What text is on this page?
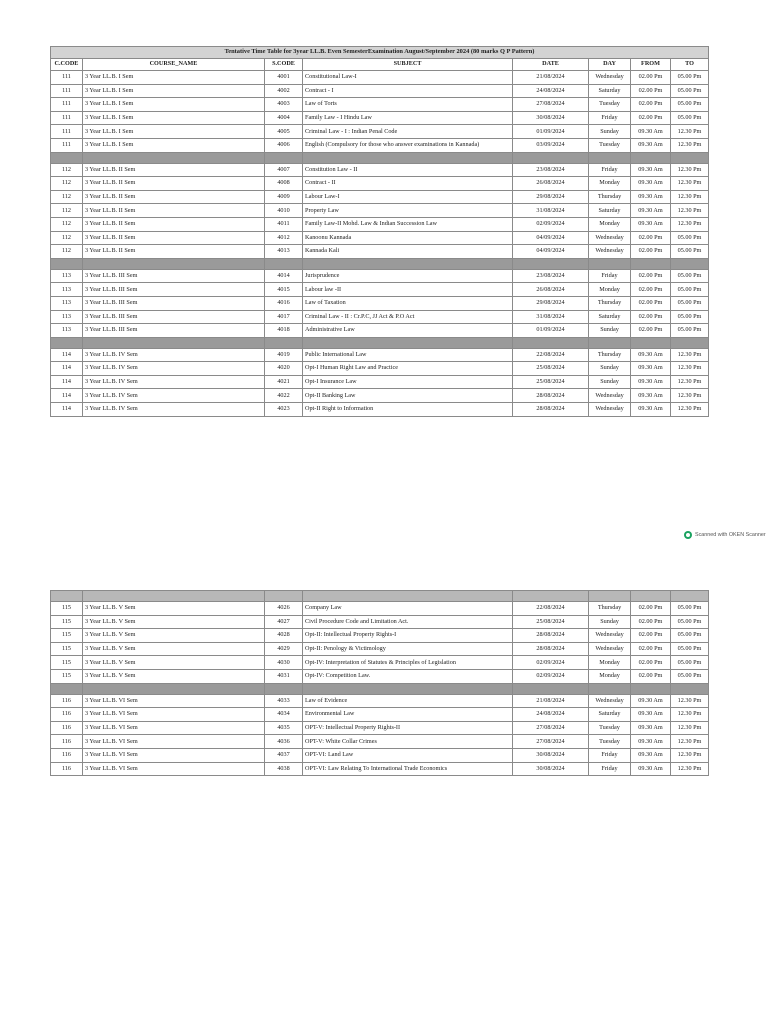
Tentative Time Table for 3year LL.B. Even SemesterExamination August/September 2024 (80 marks Q P Pattern)							
C.CODE	COURSE_NAME	S.CODE	SUBJECT	DATE	DAY	FROM	TO
111	3 Year LL.B. I Sem	4001	Constitutional Law-I	21/08/2024	Wednesday	02.00 Pm	05.00 Pm
111	3 Year LL.B. I Sem	4002	Contract - I	24/08/2024	Saturday	02.00 Pm	05.00 Pm
111	3 Year LL.B. I Sem	4003	Law of Torts	27/08/2024	Tuesday	02.00 Pm	05.00 Pm
111	3 Year LL.B. I Sem	4004	Family Law - I Hindu Law	30/08/2024	Friday	02.00 Pm	05.00 Pm
111	3 Year LL.B. I Sem	4005	Criminal Law - I : Indian Penal Code	01/09/2024	Sunday	09.30 Am	12.30 Pm
111	3 Year LL.B. I Sem	4006	English (Compulsory for those who answer examinations in Kannada)	03/09/2024	Tuesday	09.30 Am	12.30 Pm

112	3 Year LL.B. II Sem	4007	Constitution Law - II	23/08/2024	Friday	09.30 Am	12.30 Pm
112	3 Year LL.B. II Sem	4008	Contract - II	26/08/2024	Monday	09.30 Am	12.30 Pm
112	3 Year LL.B. II Sem	4009	Labour Law-I	29/08/2024	Thursday	09.30 Am	12.30 Pm
112	3 Year LL.B. II Sem	4010	Property Law	31/08/2024	Saturday	09.30 Am	12.30 Pm
112	3 Year LL.B. II Sem	4011	Family Law-II Mohd. Law & Indian Succession Law	02/09/2024	Monday	09.30 Am	12.30 Pm
112	3 Year LL.B. II Sem	4012	Kanoonu Kannada	04/09/2024	Wednesday	02.00 Pm	05.00 Pm
112	3 Year LL.B. II Sem	4013	Kannada Kali	04/09/2024	Wednesday	02.00 Pm	05.00 Pm

113	3 Year LL.B. III Sem	4014	Jurisprudence	23/08/2024	Friday	02.00 Pm	05.00 Pm
113	3 Year LL.B. III Sem	4015	Labour law -II	26/08/2024	Monday	02.00 Pm	05.00 Pm
113	3 Year LL.B. III Sem	4016	Law of Taxation	29/08/2024	Thursday	02.00 Pm	05.00 Pm
113	3 Year LL.B. III Sem	4017	Criminal Law - II : Cr.P.C, JJ Act & P.O Act	31/08/2024	Saturday	02.00 Pm	05.00 Pm
113	3 Year LL.B. III Sem	4018	Administrative Law	01/09/2024	Sunday	02.00 Pm	05.00 Pm

114	3 Year LL.B. IV Sem	4019	Public International Law	22/08/2024	Thursday	09.30 Am	12.30 Pm
114	3 Year LL.B. IV Sem	4020	Opt-I Human Right Law and Practice	25/08/2024	Sunday	09.30 Am	12.30 Pm
114	3 Year LL.B. IV Sem	4021	Opt-I Insurance Law	25/08/2024	Sunday	09.30 Am	12.30 Pm
114	3 Year LL.B. IV Sem	4022	Opt-II Banking Law	28/08/2024	Wednesday	09.30 Am	12.30 Pm
114	3 Year LL.B. IV Sem	4023	Opt-II Right to Information	28/08/2024	Wednesday	09.30 Am	12.30 Pm
Scanned with OKEN Scanner

115	3 Year LL.B. V Sem	4026	Company Law	22/08/2024	Thursday	02.00 Pm	05.00 Pm
115	3 Year LL.B. V Sem	4027	Civil Procedure Code and Limitation Act.	25/08/2024	Sunday	02.00 Pm	05.00 Pm
115	3 Year LL.B. V Sem	4028	Opt-II: Intellectual Property Rights-I	28/08/2024	Wednesday	02.00 Pm	05.00 Pm
115	3 Year LL.B. V Sem	4029	Opt-II: Penology & Victimology	28/08/2024	Wednesday	02.00 Pm	05.00 Pm
115	3 Year LL.B. V Sem	4030	Opt-IV: Interpretation of Statutes & Principles of Legislation	02/09/2024	Monday	02.00 Pm	05.00 Pm
115	3 Year LL.B. V Sem	4031	Opt-IV: Competition Law.	02/09/2024	Monday	02.00 Pm	05.00 Pm

116	3 Year LL.B. VI Sem	4033	Law of Evidence	21/08/2024	Wednesday	09.30 Am	12.30 Pm
116	3 Year LL.B. VI Sem	4034	Environmental Law	24/08/2024	Saturday	09.30 Am	12.30 Pm
116	3 Year LL.B. VI Sem	4035	OPT-V: Intellectual Property Rights-II	27/08/2024	Tuesday	09.30 Am	12.30 Pm
116	3 Year LL.B. VI Sem	4036	OPT-V: White Collar Crimes	27/08/2024	Tuesday	09.30 Am	12.30 Pm
116	3 Year LL.B. VI Sem	4037	OPT-VI: Land Law	30/08/2024	Friday	09.30 Am	12.30 Pm
116	3 Year LL.B. VI Sem	4038	OPT-VI: Law Relating To International Trade Economics	30/08/2024	Friday	09.30 Am	12.30 Pm
